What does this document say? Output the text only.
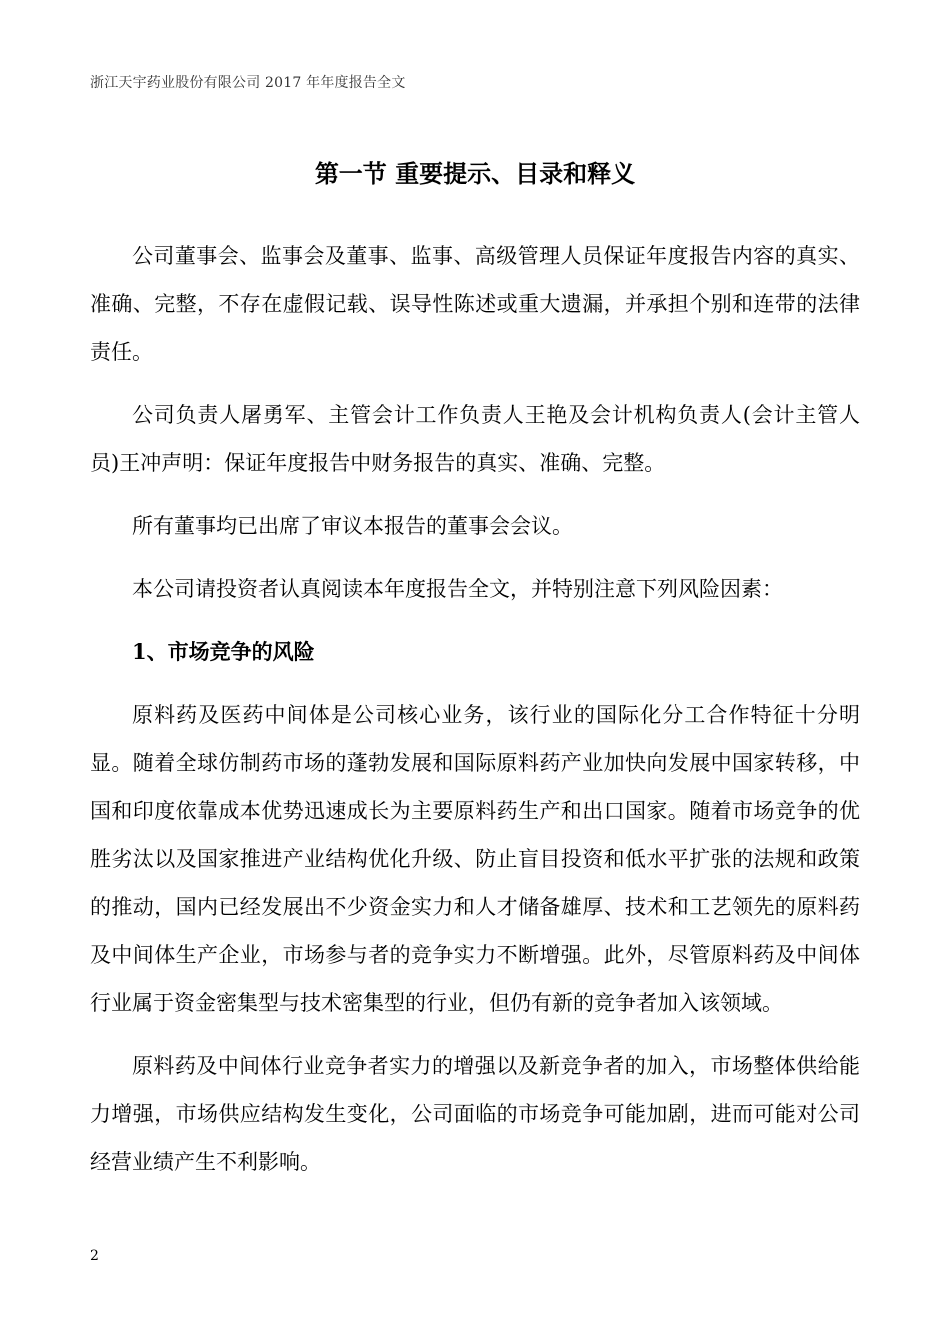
浙江天宇药业股份有限公司 2017 年年度报告全文
第一节 重要提示、目录和释义

公司董事会、监事会及董事、监事、高级管理人员保证年度报告内容的真实、准确、完整，不存在虚假记载、误导性陈述或重大遗漏，并承担个别和连带的法律责任。

公司负责人屠勇军、主管会计工作负责人王艳及会计机构负责人(会计主管人员)王冲声明：保证年度报告中财务报告的真实、准确、完整。

所有董事均已出席了审议本报告的董事会会议。

本公司请投资者认真阅读本年度报告全文，并特别注意下列风险因素：

1、市场竞争的风险

原料药及医药中间体是公司核心业务，该行业的国际化分工合作特征十分明显。随着全球仿制药市场的蓬勃发展和国际原料药产业加快向发展中国家转移，中国和印度依靠成本优势迅速成长为主要原料药生产和出口国家。随着市场竞争的优胜劣汰以及国家推进产业结构优化升级、防止盲目投资和低水平扩张的法规和政策的推动，国内已经发展出不少资金实力和人才储备雄厚、技术和工艺领先的原料药及中间体生产企业，市场参与者的竞争实力不断增强。此外，尽管原料药及中间体行业属于资金密集型与技术密集型的行业，但仍有新的竞争者加入该领域。

原料药及中间体行业竞争者实力的增强以及新竞争者的加入，市场整体供给能力增强，市场供应结构发生变化，公司面临的市场竞争可能加剧，进而可能对公司经营业绩产生不利影响。

2
